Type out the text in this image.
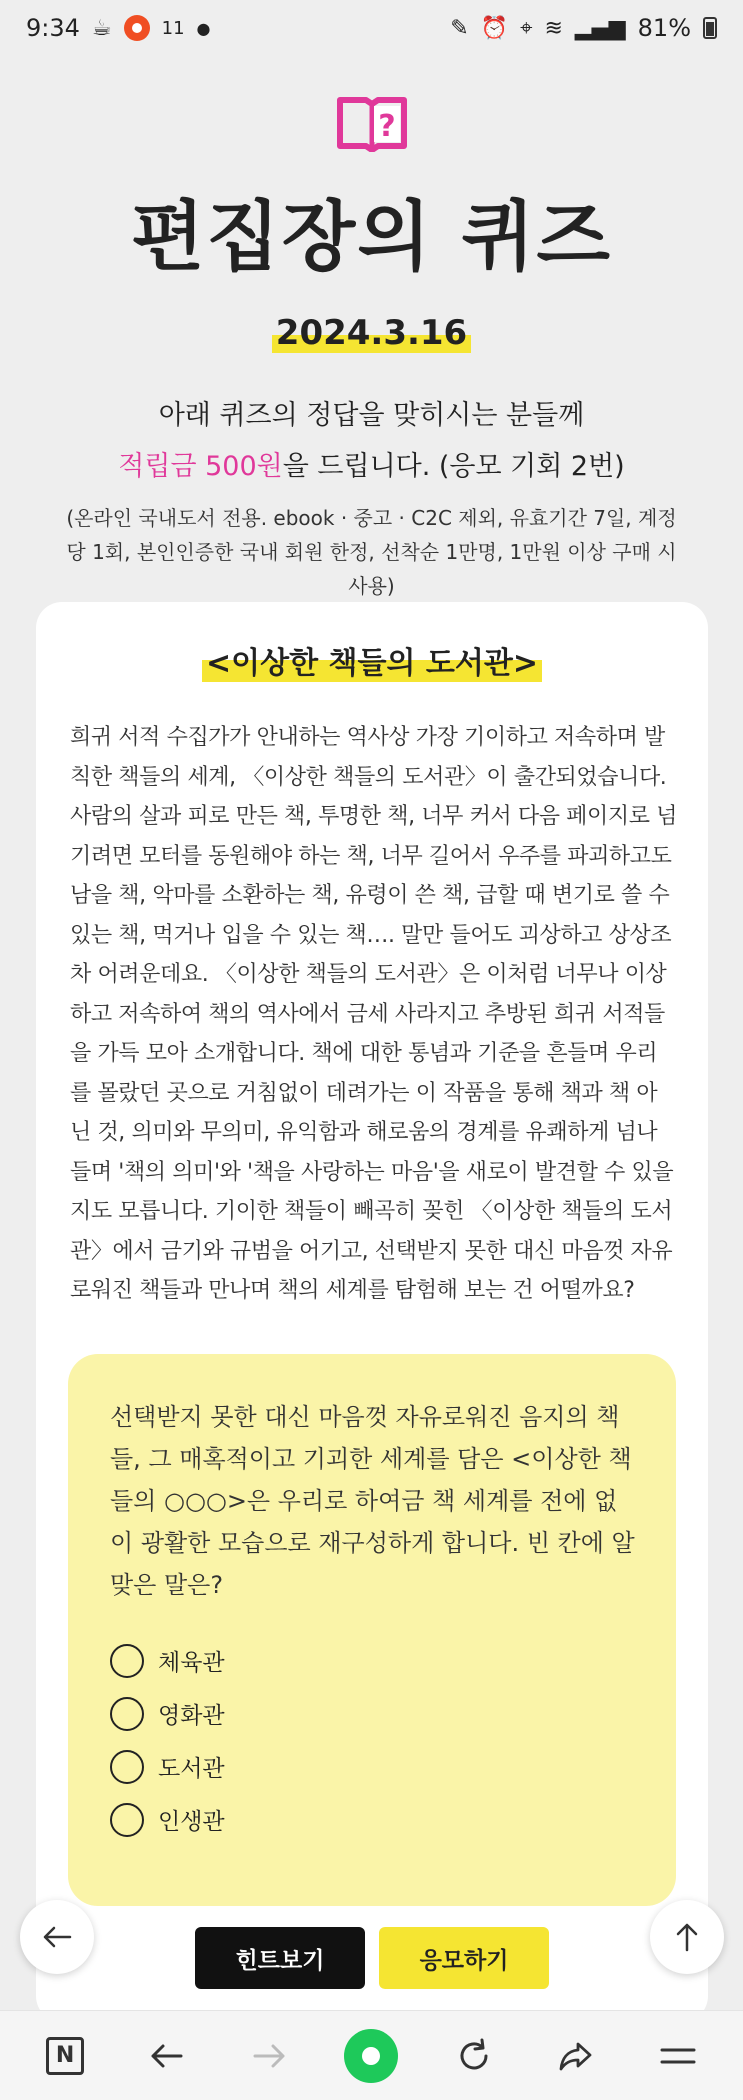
9:34 ☕	11 ●	✎ ⏰ ⌖ ≋ ▂▄▆ 81%
?
편집장의 퀴즈
2024.3.16
아래 퀴즈의 정답을 맞히시는 분들께
적립금 500원을 드립니다. (응모 기회 2번)
(온라인 국내도서 전용. ebook · 중고 · C2C 제외, 유효기간 7일, 계정당 1회, 본인인증한 국내 회원 한정, 선착순 1만명, 1만원 이상 구매 시 사용)
<이상한 책들의 도서관>

희귀 서적 수집가가 안내하는 역사상 가장 기이하고 저속하며 발칙한 책들의 세계, 〈이상한 책들의 도서관〉이 출간되었습니다. 사람의 살과 피로 만든 책, 투명한 책, 너무 커서 다음 페이지로 넘기려면 모터를 동원해야 하는 책, 너무 길어서 우주를 파괴하고도 남을 책, 악마를 소환하는 책, 유령이 쓴 책, 급할 때 변기로 쓸 수 있는 책, 먹거나 입을 수 있는 책…. 말만 들어도 괴상하고 상상조차 어려운데요. 〈이상한 책들의 도서관〉은 이처럼 너무나 이상하고 저속하여 책의 역사에서 금세 사라지고 추방된 희귀 서적들을 가득 모아 소개합니다. 책에 대한 통념과 기준을 흔들며 우리를 몰랐던 곳으로 거침없이 데려가는 이 작품을 통해 책과 책 아닌 것, 의미와 무의미, 유익함과 해로움의 경계를 유쾌하게 넘나들며 '책의 의미'와 '책을 사랑하는 마음'을 새로이 발견할 수 있을지도 모릅니다. 기이한 책들이 빼곡히 꽂힌 〈이상한 책들의 도서관〉에서 금기와 규범을 어기고, 선택받지 못한 대신 마음껏 자유로워진 책들과 만나며 책의 세계를 탐험해 보는 건 어떨까요?

선택받지 못한 대신 마음껏 자유로워진 음지의 책들, 그 매혹적이고 기괴한 세계를 담은 <이상한 책들의 ○○○>은 우리로 하여금 책 세계를 전에 없이 광활한 모습으로 재구성하게 합니다. 빈 칸에 알맞은 말은?

체육관
영화관
도서관
인생관
힌트보기	응모하기
N
